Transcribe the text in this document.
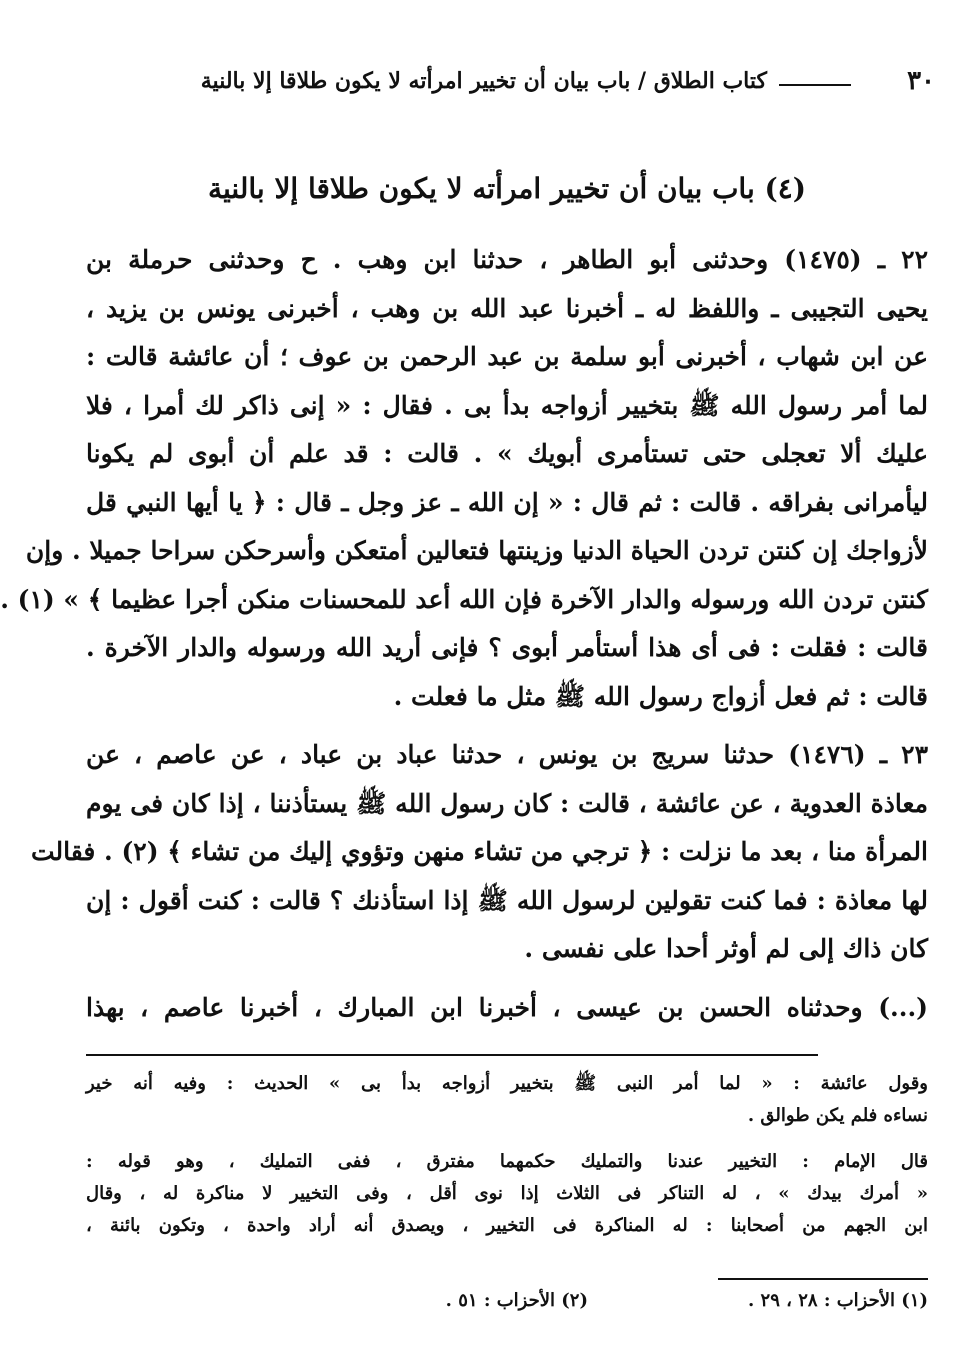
٣٠
كتاب الطلاق / باب بيان أن تخيير امرأته لا يكون طلاقا إلا بالنية
(٤) باب بيان أن تخيير امرأته لا يكون طلاقا إلا بالنية
٢٢ ـ (١٤٧٥) وحدثنى أبو الطاهر ، حدثنا ابن وهب . ح وحدثنى حرملة بن
يحيى التجيبى ـ واللفظ له ـ أخبرنا عبد الله بن وهب ، أخبرنى يونس بن يزيد ،
عن ابن شهاب ، أخبرنى أبو سلمة بن عبد الرحمن بن عوف ؛ أن عائشة قالت :
لما أمر رسول الله ﷺ بتخيير أزواجه بدأ بى . فقال : « إنى ذاكر لك أمرا ، فلا
عليك ألا تعجلى حتى تستأمرى أبويك » . قالت : قد علم أن أبوى لم يكونا
ليأمرانى بفراقه . قالت : ثم قال : « إن الله ـ عز وجل ـ قال : ﴿ يا أيها النبي قل
لأزواجك إن كنتن تردن الحياة الدنيا وزينتها فتعالين أمتعكن وأسرحكن سراحا جميلا . وإن
كنتن تردن الله ورسوله والدار الآخرة فإن الله أعد للمحسنات منكن أجرا عظيما ﴾ » (١) .
قالت : فقلت : فى أى هذا أستأمر أبوى ؟ فإنى أريد الله ورسوله والدار الآخرة .
قالت : ثم فعل أزواج رسول الله ﷺ مثل ما فعلت .
٢٣ ـ (١٤٧٦) حدثنا سريج بن يونس ، حدثنا عباد بن عباد ، عن عاصم ، عن
معاذة العدوية ، عن عائشة ، قالت : كان رسول الله ﷺ يستأذننا ، إذا كان فى يوم
المرأة منا ، بعد ما نزلت : ﴿ ترجي من تشاء منهن وتؤوي إليك من تشاء ﴾ (٢) . فقالت
لها معاذة : فما كنت تقولين لرسول الله ﷺ إذا استأذنك ؟ قالت : كنت أقول : إن
كان ذاك إلى لم أوثر أحدا على نفسى .
(...) وحدثناه الحسن بن عيسى ، أخبرنا ابن المبارك ، أخبرنا عاصم ، بهذا
وقول عائشة : « لما أمر النبى ﷺ بتخيير أزواجه بدأ بى » الحديث : وفيه أنه خير
نساءه فلم يكن طوالق .
قال الإمام : التخيير عندنا والتمليك حكمهما مفترق ، ففى التمليك ، وهو قوله :
« أمرك بيدك » ، له التناكر فى الثلاث إذا نوى أقل ، وفى التخيير لا مناكرة له ، وقال
ابن الجهم من أصحابنا : له المناكرة فى التخيير ، ويصدق أنه أراد واحدة ، وتكون بائنة ،
(١) الأحزاب : ٢٨ ، ٢٩ .
(٢) الأحزاب : ٥١ .
